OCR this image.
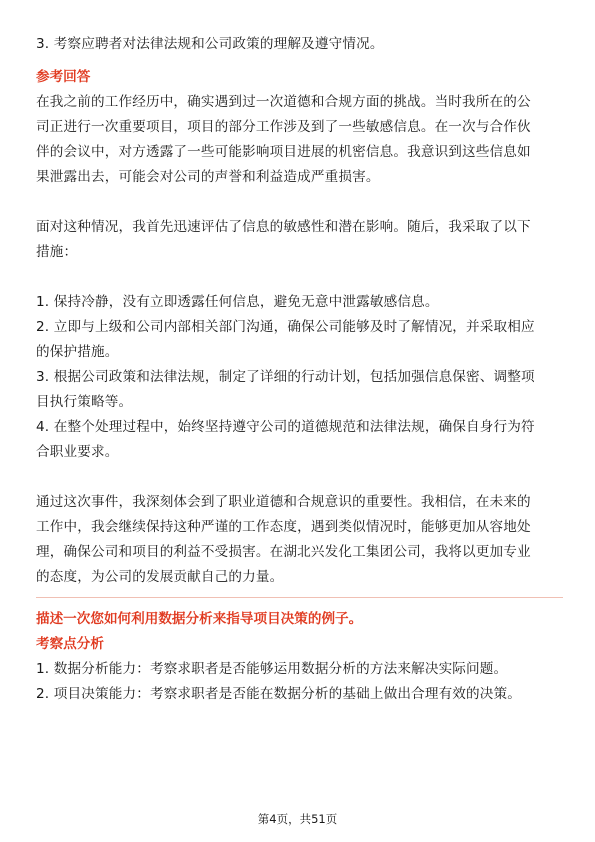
3. 考察应聘者对法律法规和公司政策的理解及遵守情况。

参考回答

在我之前的工作经历中，确实遇到过一次道德和合规方面的挑战。当时我所在的公

司正进行一次重要项目，项目的部分工作涉及到了一些敏感信息。在一次与合作伙

伴的会议中，对方透露了一些可能影响项目进展的机密信息。我意识到这些信息如

果泄露出去，可能会对公司的声誉和利益造成严重损害。

面对这种情况，我首先迅速评估了信息的敏感性和潜在影响。随后，我采取了以下

措施：

1. 保持冷静，没有立即透露任何信息，避免无意中泄露敏感信息。

2. 立即与上级和公司内部相关部门沟通，确保公司能够及时了解情况，并采取相应

的保护措施。

3. 根据公司政策和法律法规，制定了详细的行动计划，包括加强信息保密、调整项

目执行策略等。

4. 在整个处理过程中，始终坚持遵守公司的道德规范和法律法规，确保自身行为符

合职业要求。

通过这次事件，我深刻体会到了职业道德和合规意识的重要性。我相信，在未来的

工作中，我会继续保持这种严谨的工作态度，遇到类似情况时，能够更加从容地处

理，确保公司和项目的利益不受损害。在湖北兴发化工集团公司，我将以更加专业

的态度，为公司的发展贡献自己的力量。

描述一次您如何利用数据分析来指导项目决策的例子。

考察点分析

1. 数据分析能力：考察求职者是否能够运用数据分析的方法来解决实际问题。

2. 项目决策能力：考察求职者是否能在数据分析的基础上做出合理有效的决策。

第4页，共51页
